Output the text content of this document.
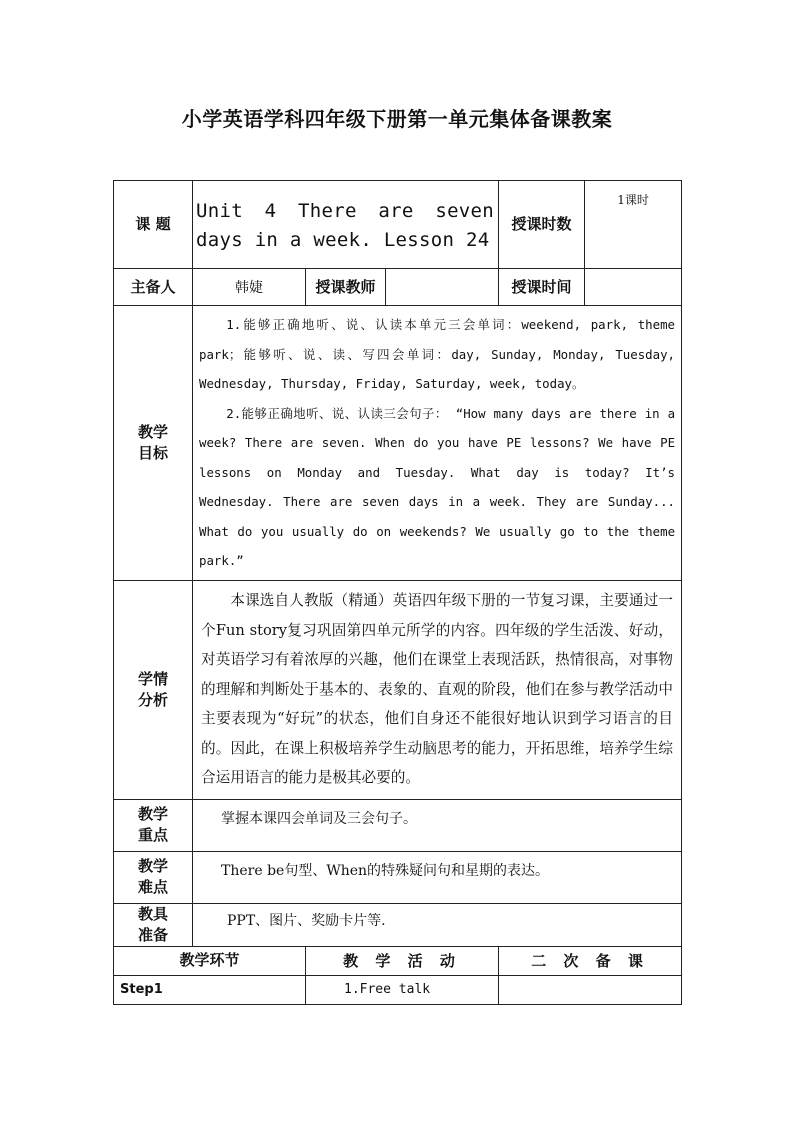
小学英语学科四年级下册第一单元集体备课教案
课 题	Unit 4 There are seven days in a week. Lesson 24			授课时数	1课时
主备人	韩婕	授课教师		授课时间	
教学目标	1.能够正确地听、说、认读本单元三会单词：weekend, park, theme park；能够听、说、读、写四会单词：day, Sunday, Monday, Tuesday, Wednesday, Thursday, Friday, Saturday, week, today。

2.能够正确地听、说、认读三会句子： “How many days are there in a week? There are seven. When do you have PE lessons? We have PE lessons on Monday and Tuesday. What day is today? It’s Wednesday. There are seven days in a week. They are Sunday... What do you usually do on weekends? We usually go to the theme park.”				

学情分析	本课选自人教版（精通）英语四年级下册的一节复习课，主要通过一个Fun story复习巩固第四单元所学的内容。四年级的学生活泼、好动，对英语学习有着浓厚的兴趣，他们在课堂上表现活跃，热情很高，对事物的理解和判断处于基本的、表象的、直观的阶段，他们在参与教学活动中主要表现为“好玩”的状态，他们自身还不能很好地认识到学习语言的目的。因此，在课上积极培养学生动脑思考的能力，开拓思维，培养学生综合运用语言的能力是极其必要的。				

教学
重点	掌握本课四会单词及三会句子。				

教学
难点	There be句型、When的特殊疑问句和星期的表达。				

教具
准备	PPT、图片、奖励卡片等.				
教学环节		教 学 活 动		二 次 备 课	
Step1		1.Free talk			
